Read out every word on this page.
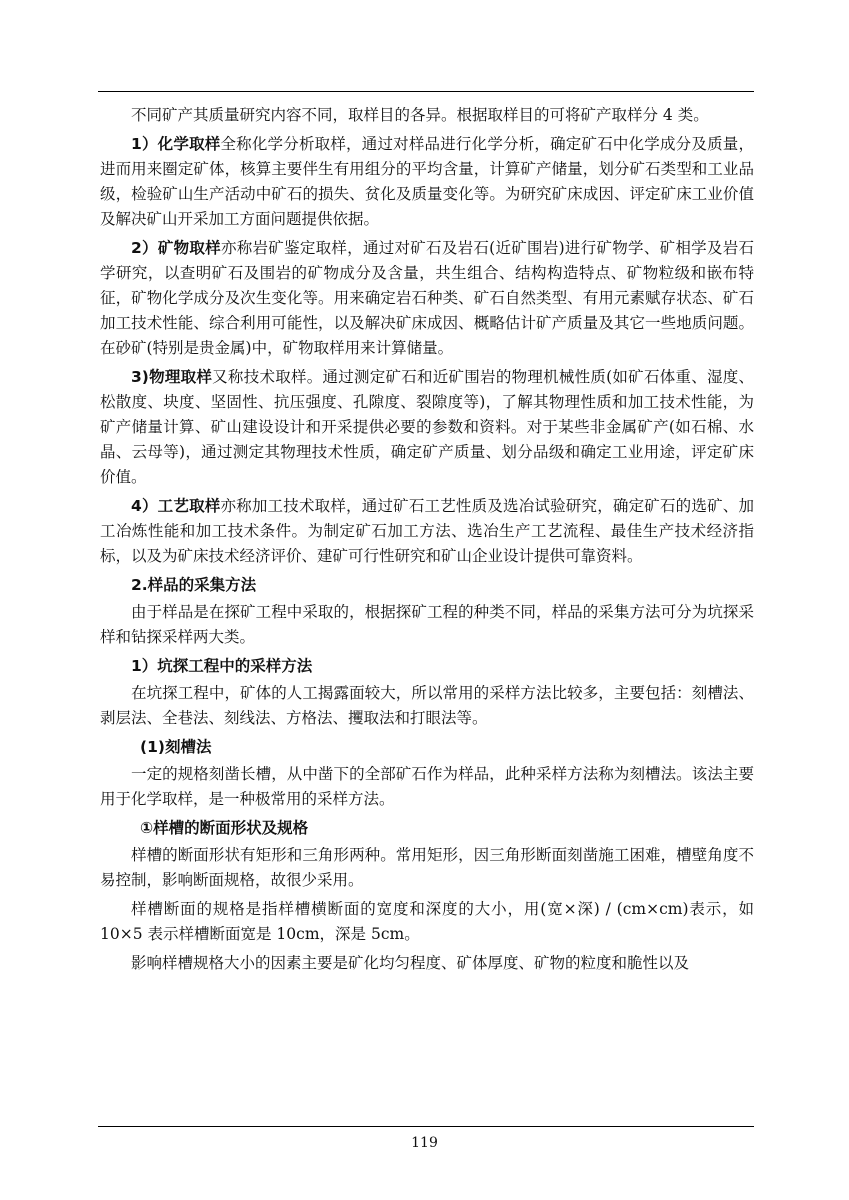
不同矿产其质量研究内容不同，取样目的各异。根据取样目的可将矿产取样分 4 类。

1）化学取样全称化学分析取样，通过对样品进行化学分析，确定矿石中化学成分及质量，进而用来圈定矿体，核算主要伴生有用组分的平均含量，计算矿产储量，划分矿石类型和工业品级，检验矿山生产活动中矿石的损失、贫化及质量变化等。为研究矿床成因、评定矿床工业价值及解决矿山开采加工方面问题提供依据。

2）矿物取样亦称岩矿鉴定取样，通过对矿石及岩石(近矿围岩)进行矿物学、矿相学及岩石学研究，以查明矿石及围岩的矿物成分及含量，共生组合、结构构造特点、矿物粒级和嵌布特征，矿物化学成分及次生变化等。用来确定岩石种类、矿石自然类型、有用元素赋存状态、矿石加工技术性能、综合利用可能性，以及解决矿床成因、概略估计矿产质量及其它一些地质问题。在砂矿(特别是贵金属)中，矿物取样用来计算储量。

3)物理取样又称技术取样。通过测定矿石和近矿围岩的物理机械性质(如矿石体重、湿度、松散度、块度、坚固性、抗压强度、孔隙度、裂隙度等)，了解其物理性质和加工技术性能，为矿产储量计算、矿山建设设计和开采提供必要的参数和资料。对于某些非金属矿产(如石棉、水晶、云母等)，通过测定其物理技术性质，确定矿产质量、划分品级和确定工业用途，评定矿床价值。

4）工艺取样亦称加工技术取样，通过矿石工艺性质及选冶试验研究，确定矿石的选矿、加工冶炼性能和加工技术条件。为制定矿石加工方法、选冶生产工艺流程、最佳生产技术经济指标，以及为矿床技术经济评价、建矿可行性研究和矿山企业设计提供可靠资料。

2.样品的采集方法

由于样品是在探矿工程中采取的，根据探矿工程的种类不同，样品的采集方法可分为坑探采样和钻探采样两大类。

1）坑探工程中的采样方法

在坑探工程中，矿体的人工揭露面较大，所以常用的采样方法比较多，主要包括：刻槽法、剥层法、全巷法、刻线法、方格法、攫取法和打眼法等。

(1)刻槽法

一定的规格刻凿长槽，从中凿下的全部矿石作为样品，此种采样方法称为刻槽法。该法主要用于化学取样，是一种极常用的采样方法。

①样槽的断面形状及规格

样槽的断面形状有矩形和三角形两种。常用矩形，因三角形断面刻凿施工困难，槽壁角度不易控制，影响断面规格，故很少采用。

样槽断面的规格是指样槽横断面的宽度和深度的大小，用(宽×深) / (cm×cm)表示，如 10×5 表示样槽断面宽是 10cm，深是 5cm。

影响样槽规格大小的因素主要是矿化均匀程度、矿体厚度、矿物的粒度和脆性以及

119
